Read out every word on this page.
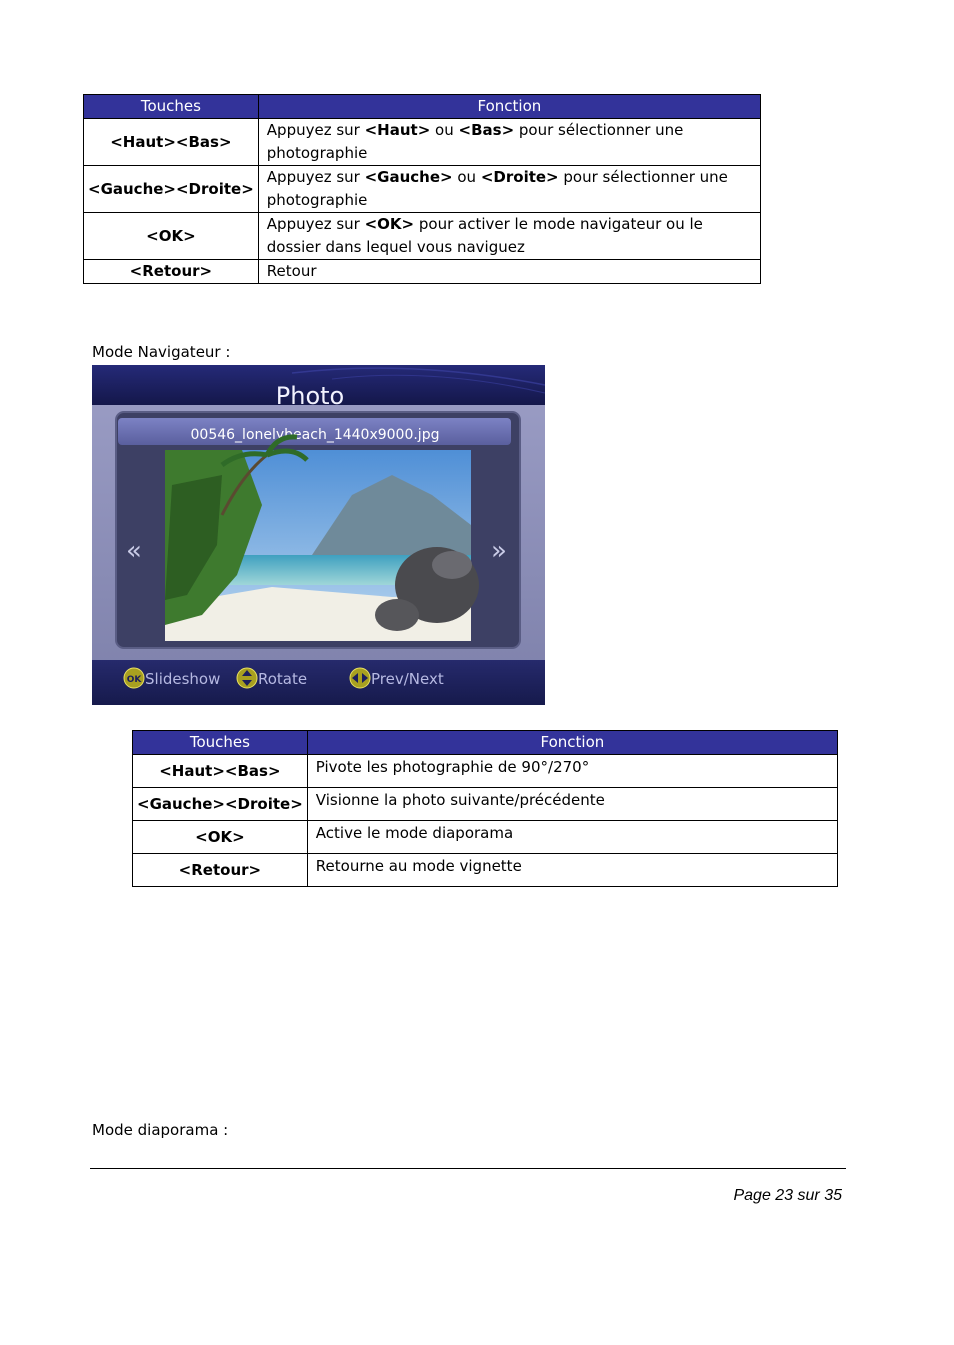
Touches	Fonction
<Haut><Bas>	Appuyez sur <Haut> ou <Bas> pour sélectionner une photographie
<Gauche><Droite>	Appuyez sur <Gauche> ou <Droite> pour sélectionner une photographie
<OK>	Appuyez sur <OK> pour activer le mode navigateur ou le dossier dans lequel vous naviguez
<Retour>	Retour
Mode Navigateur :
Photo
00546_lonelybeach_1440x9000.jpg
«	»
OK Slideshow	Rotate	Prev/Next
Touches	Fonction
<Haut><Bas>	Pivote les photographie de 90°/270°
<Gauche><Droite>	Visionne la photo suivante/précédente
<OK>	Active le mode diaporama
<Retour>	Retourne au mode vignette
Mode diaporama :
Page 23 sur 35
